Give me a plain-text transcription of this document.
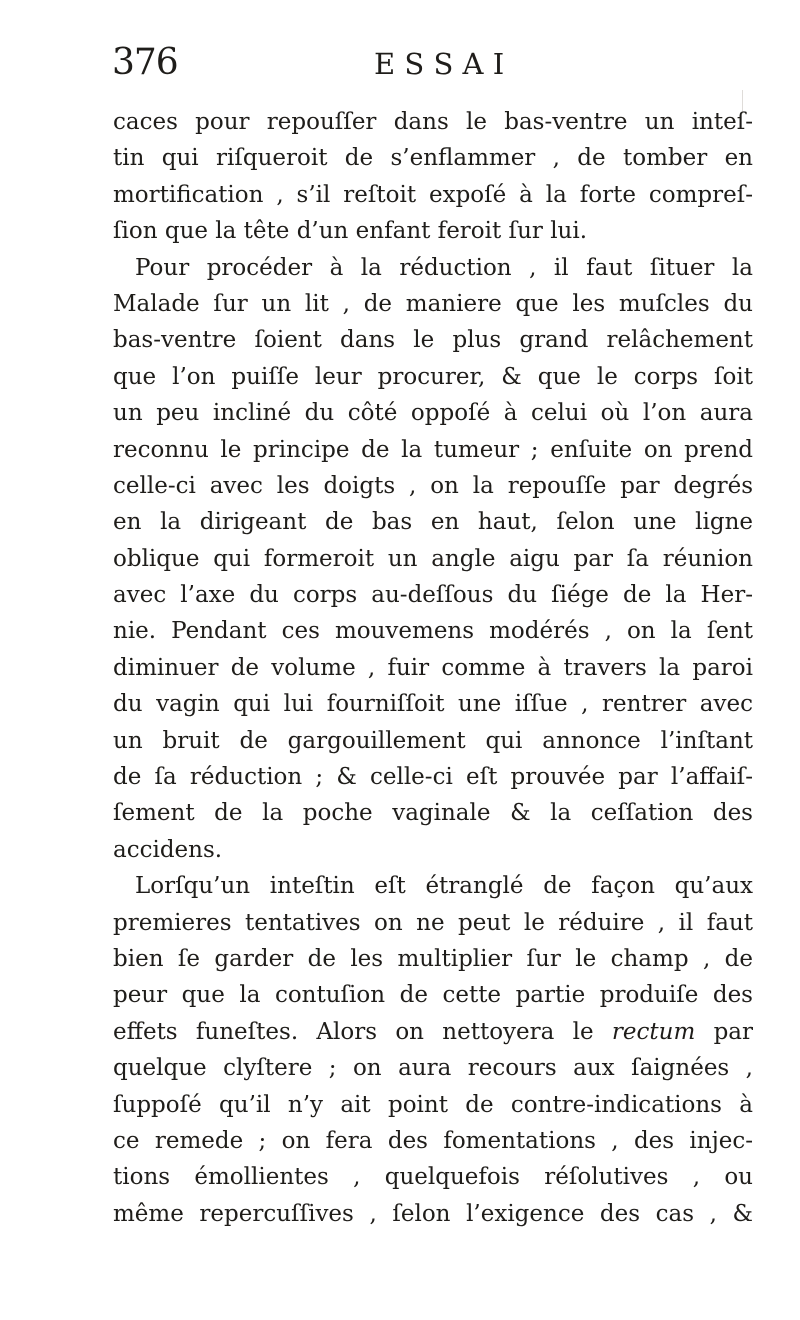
376	E S S A I
caces pour repouſſer dans le bas-ventre un inteſ-
tin qui riſqueroit de s’enflammer , de tomber en
mortification , s’il reſtoit expoſé à la forte compreſ-
ſion que la tête d’un enfant feroit ſur lui.
Pour procéder à la réduction , il faut ſituer la
Malade ſur un lit , de maniere que les muſcles du
bas-ventre ſoient dans le plus grand relâchement
que l’on puiſſe leur procurer, & que le corps ſoit
un peu incliné du côté oppoſé à celui où l’on aura
reconnu le principe de la tumeur ; enſuite on prend
celle-ci avec les doigts , on la repouſſe par degrés
en la dirigeant de bas en haut, ſelon une ligne
oblique qui formeroit un angle aigu par ſa réunion
avec l’axe du corps au-deſſous du ſiége de la Her-
nie. Pendant ces mouvemens modérés , on la ſent
diminuer de volume , fuir comme à travers la paroi
du vagin qui lui fourniſſoit une iſſue , rentrer avec
un bruit de gargouillement qui annonce l’inſtant
de ſa réduction ; & celle-ci eſt prouvée par l’affaiſ-
ſement de la poche vaginale & la ceſſation des
accidens.
Lorſqu’un inteſtin eſt étranglé de façon qu’aux
premieres tentatives on ne peut le réduire , il faut
bien ſe garder de les multiplier ſur le champ , de
peur que la contuſion de cette partie produiſe des
effets funeſtes. Alors on nettoyera le rectum par
quelque clyſtere ; on aura recours aux ſaignées ,
ſuppoſé qu’il n’y ait point de contre-indications à
ce remede ; on fera des fomentations , des injec-
tions émollientes , quelquefois réſolutives , ou
même repercuſſives , ſelon l’exigence des cas , &
